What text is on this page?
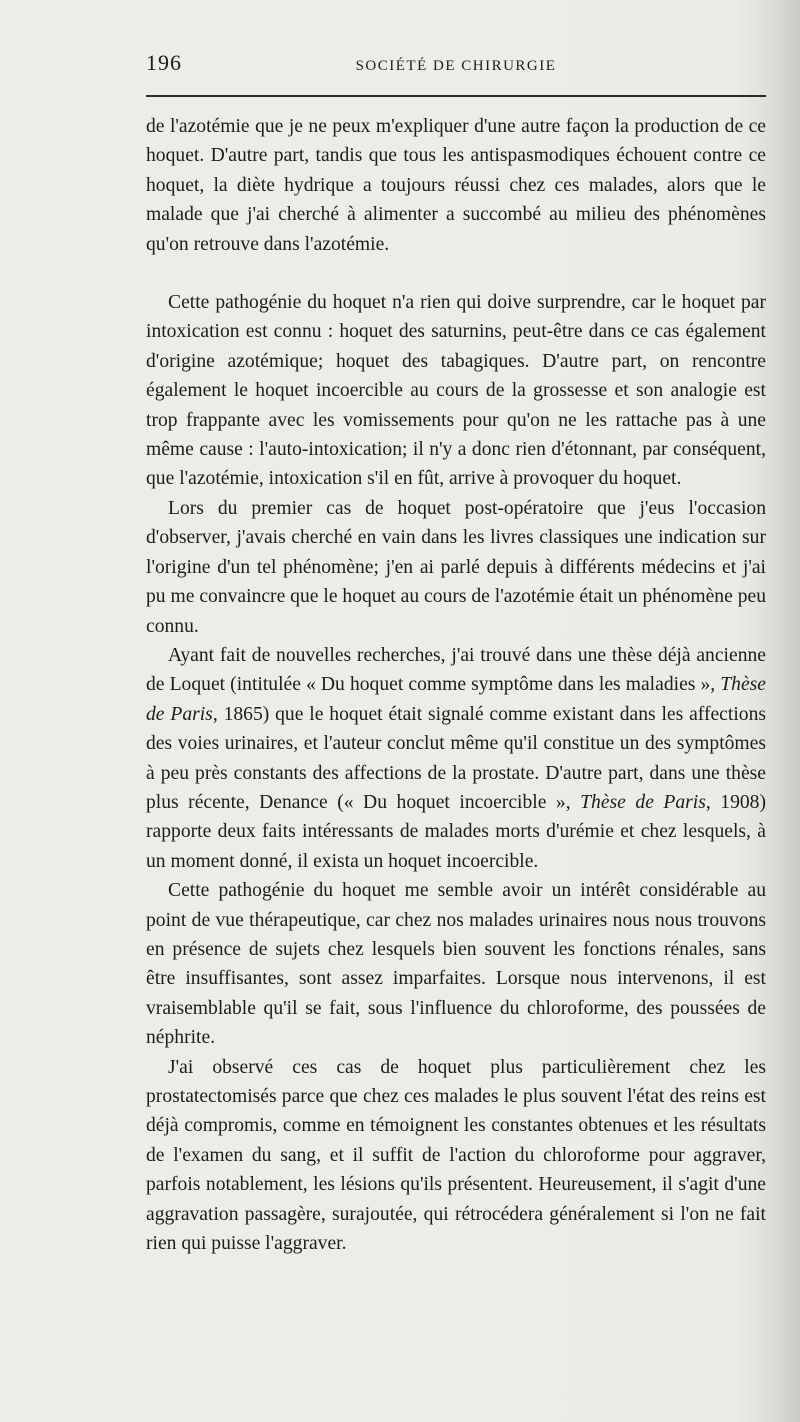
196	SOCIÉTÉ DE CHIRURGIE

de l'azotémie que je ne peux m'expliquer d'une autre façon la production de ce hoquet. D'autre part, tandis que tous les antispasmodiques échouent contre ce hoquet, la diète hydrique a toujours réussi chez ces malades, alors que le malade que j'ai cherché à alimenter a succombé au milieu des phénomènes qu'on retrouve dans l'azotémie.

Cette pathogénie du hoquet n'a rien qui doive surprendre, car le hoquet par intoxication est connu : hoquet des saturnins, peut-être dans ce cas également d'origine azotémique; hoquet des tabagiques. D'autre part, on rencontre également le hoquet incoercible au cours de la grossesse et son analogie est trop frappante avec les vomissements pour qu'on ne les rattache pas à une même cause : l'auto-intoxication; il n'y a donc rien d'étonnant, par conséquent, que l'azotémie, intoxication s'il en fût, arrive à provoquer du hoquet.

Lors du premier cas de hoquet post-opératoire que j'eus l'occasion d'observer, j'avais cherché en vain dans les livres classiques une indication sur l'origine d'un tel phénomène; j'en ai parlé depuis à différents médecins et j'ai pu me convaincre que le hoquet au cours de l'azotémie était un phénomène peu connu.

Ayant fait de nouvelles recherches, j'ai trouvé dans une thèse déjà ancienne de Loquet (intitulée « Du hoquet comme symptôme dans les maladies », Thèse de Paris, 1865) que le hoquet était signalé comme existant dans les affections des voies urinaires, et l'auteur conclut même qu'il constitue un des symptômes à peu près constants des affections de la prostate. D'autre part, dans une thèse plus récente, Denance (« Du hoquet incoercible », Thèse de Paris, 1908) rapporte deux faits intéressants de malades morts d'urémie et chez lesquels, à un moment donné, il exista un hoquet incoercible.

Cette pathogénie du hoquet me semble avoir un intérêt considérable au point de vue thérapeutique, car chez nos malades urinaires nous nous trouvons en présence de sujets chez lesquels bien souvent les fonctions rénales, sans être insuffisantes, sont assez imparfaites. Lorsque nous intervenons, il est vraisemblable qu'il se fait, sous l'influence du chloroforme, des poussées de néphrite.

J'ai observé ces cas de hoquet plus particulièrement chez les prostatectomisés parce que chez ces malades le plus souvent l'état des reins est déjà compromis, comme en témoignent les constantes obtenues et les résultats de l'examen du sang, et il suffit de l'action du chloroforme pour aggraver, parfois notablement, les lésions qu'ils présentent. Heureusement, il s'agit d'une aggravation passagère, surajoutée, qui rétrocédera généralement si l'on ne fait rien qui puisse l'aggraver.
